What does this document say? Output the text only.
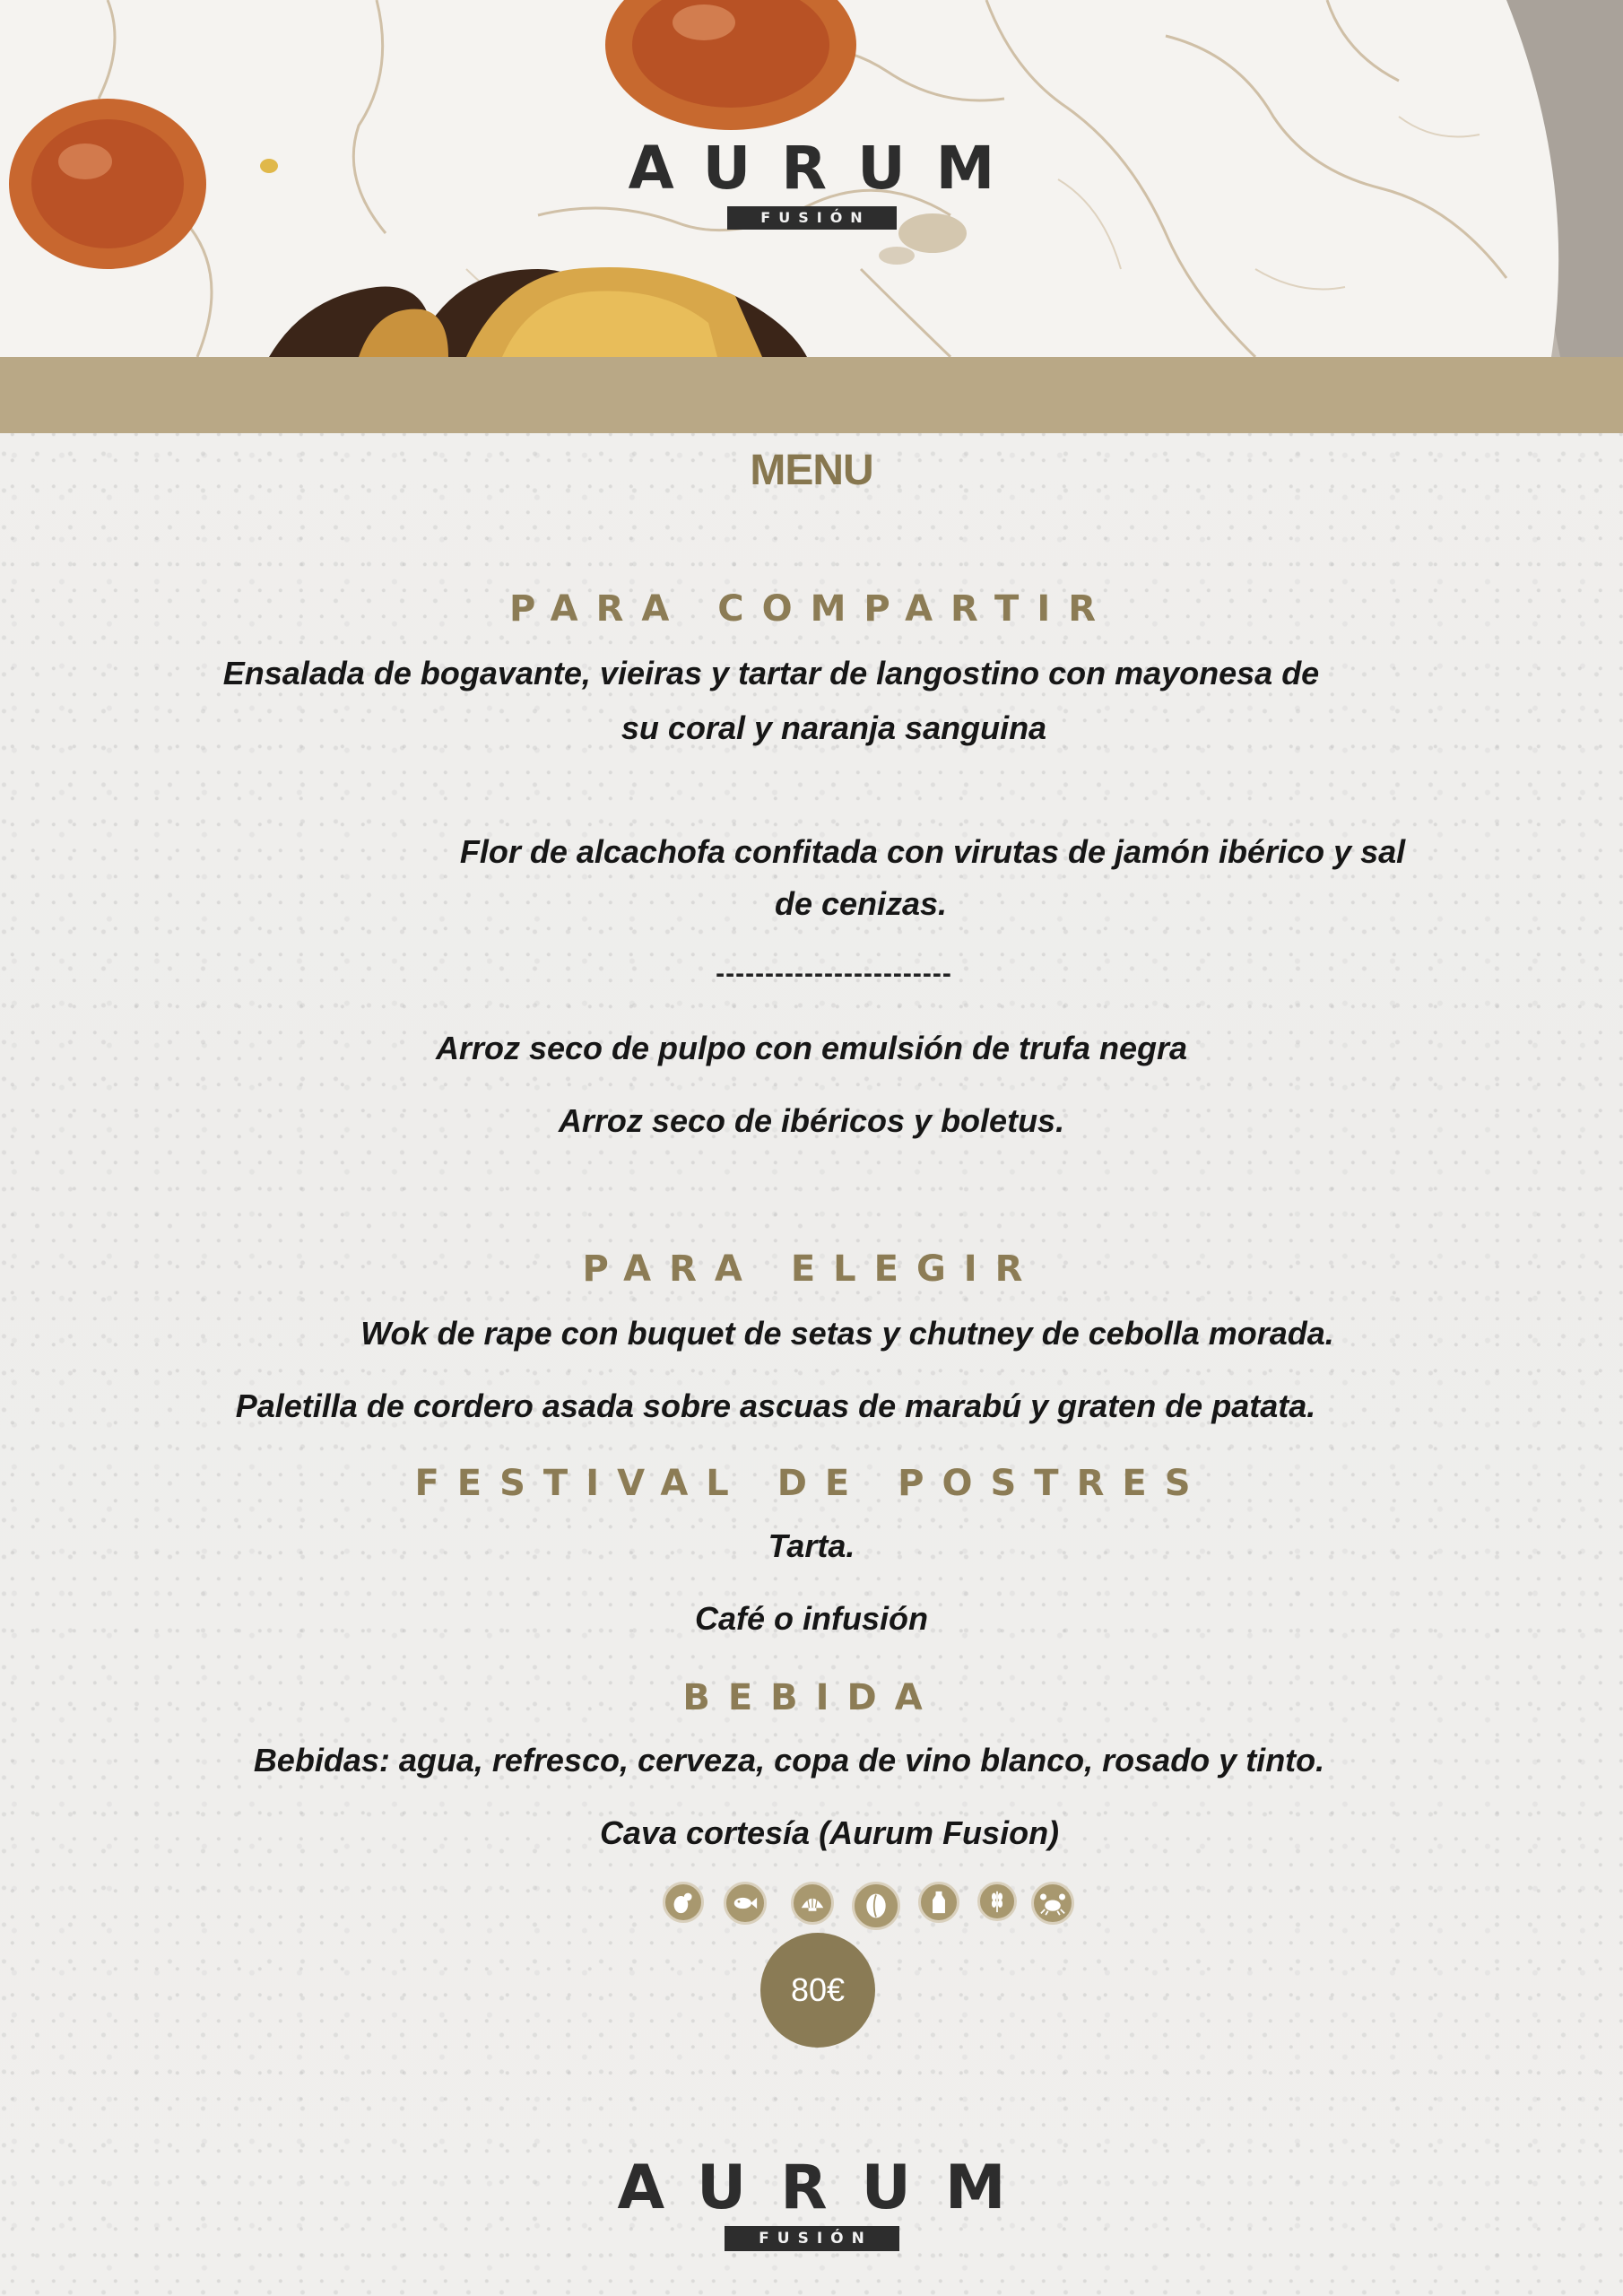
AURUM
FUSIÓN
MENU
PARA COMPARTIR
Ensalada de bogavante, vieiras y tartar de langostino con mayonesa de
su coral y naranja sanguina
Flor de alcachofa confitada con virutas de jamón ibérico y sal
de cenizas.
------------------------
Arroz seco de pulpo con emulsión de trufa negra
Arroz seco de ibéricos y boletus.
PARA ELEGIR
Wok de rape con buquet de setas y chutney de cebolla morada.
Paletilla de cordero asada sobre ascuas de marabú y graten de patata.
FESTIVAL DE POSTRES
Tarta.
Café o infusión
BEBIDA
Bebidas: agua, refresco, cerveza, copa de vino blanco, rosado y tinto.
Cava cortesía (Aurum Fusion)
80€
AURUM
FUSIÓN
